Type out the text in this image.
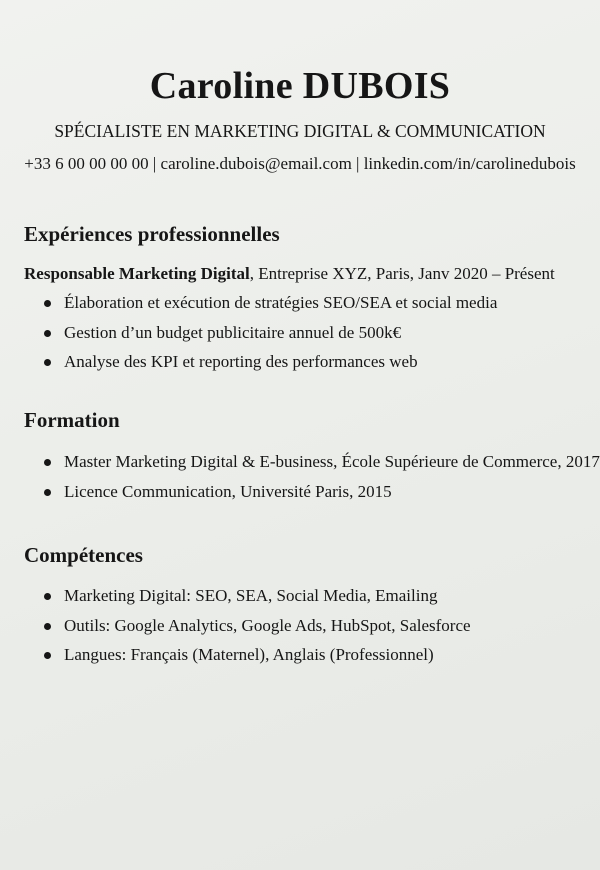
Caroline DUBOIS
SPÉCIALISTE EN MARKETING DIGITAL & COMMUNICATION
+33 6 00 00 00 00 | caroline.dubois@email.com | linkedin.com/in/carolinedubois
Expériences professionnelles
Responsable Marketing Digital, Entreprise XYZ, Paris, Janv 2020 – Présent
Élaboration et exécution de stratégies SEO/SEA et social media
Gestion d’un budget publicitaire annuel de 500k€
Analyse des KPI et reporting des performances web
Formation
Master Marketing Digital & E-business, École Supérieure de Commerce, 2017
Licence Communication, Université Paris, 2015
Compétences
Marketing Digital: SEO, SEA, Social Media, Emailing
Outils: Google Analytics, Google Ads, HubSpot, Salesforce
Langues: Français (Maternel), Anglais (Professionnel)
